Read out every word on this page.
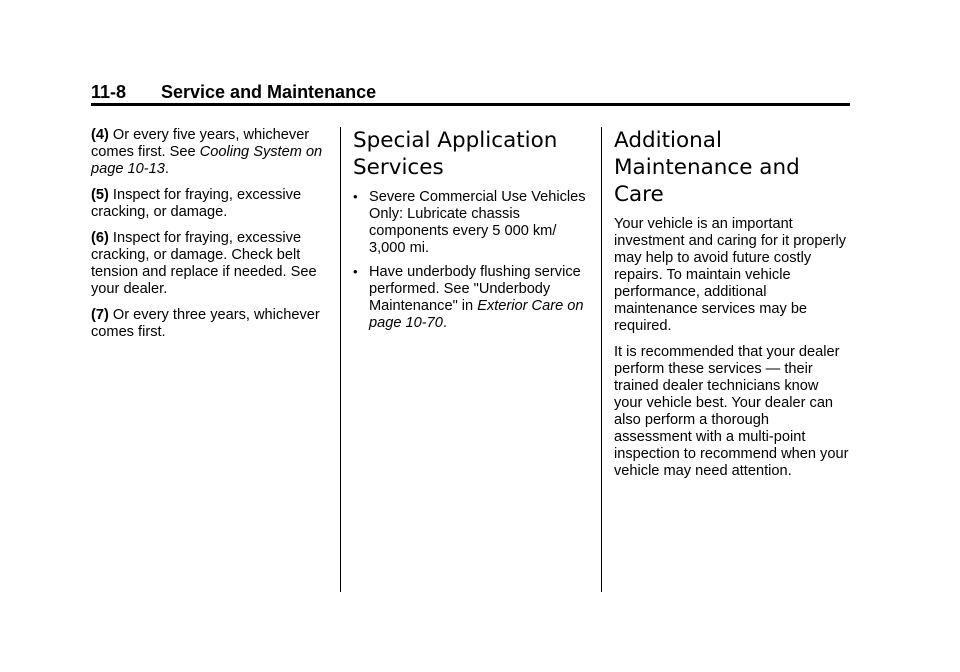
11-8 Service and Maintenance

(4) Or every five years, whichever comes first. See Cooling System on page 10-13.

(5) Inspect for fraying, excessive cracking, or damage.

(6) Inspect for fraying, excessive cracking, or damage. Check belt tension and replace if needed. See your dealer.

(7) Or every three years, whichever comes first.

Special Application Services
• Severe Commercial Use Vehicles Only: Lubricate chassis components every 5 000 km/ 3,000 mi.
• Have underbody flushing service performed. See "Underbody Maintenance" in Exterior Care on page 10-70.
Additional Maintenance and Care

Your vehicle is an important investment and caring for it properly may help to avoid future costly repairs. To maintain vehicle performance, additional maintenance services may be required.

It is recommended that your dealer perform these services — their trained dealer technicians know your vehicle best. Your dealer can also perform a thorough assessment with a multi-point inspection to recommend when your vehicle may need attention.
